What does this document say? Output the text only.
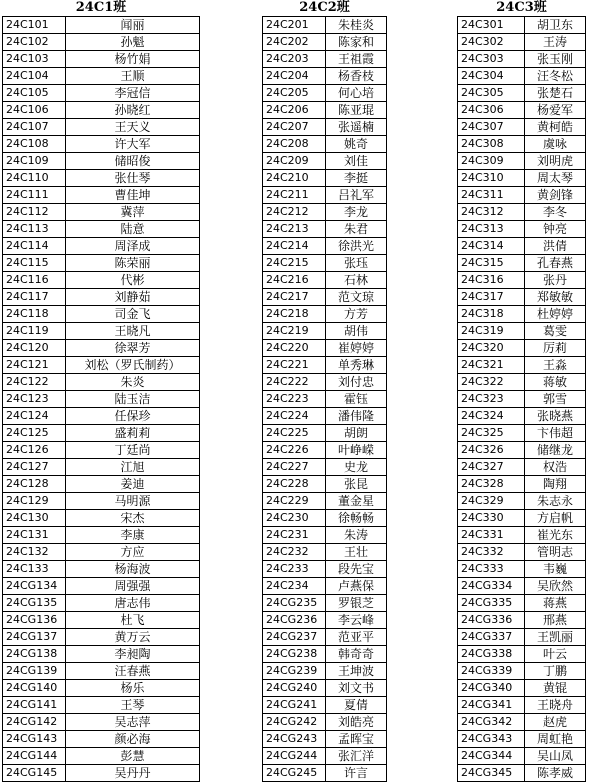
24C1班	
24C101	闻丽
24C102	孙魁
24C103	杨竹娟
24C104	王顺
24C105	李冠信
24C106	孙晓红
24C107	王天义
24C108	许大军
24C109	储昭俊
24C110	张仕琴
24C111	曹佳坤
24C112	冀萍
24C113	陆意
24C114	周泽成
24C115	陈荣丽
24C116	代彬
24C117	刘静茹
24C118	司金飞
24C119	王晓凡
24C120	徐翠芳
24C121	刘松（罗氏制药）
24C122	朱炎
24C123	陆玉洁
24C124	任保珍
24C125	盛莉莉
24C126	丁廷尚
24C127	江旭
24C128	姜迪
24C129	马明源
24C130	宋杰
24C131	李康
24C132	方应
24C133	杨海波
24CG134	周强强
24CG135	唐志伟
24CG136	杜飞
24CG137	黄万云
24CG138	李昶陶
24CG139	汪春燕
24CG140	杨乐
24CG141	王琴
24CG142	吴志萍
24CG143	颜必海
24CG144	彭慧
24CG145	吴丹丹
24C2班	
24C201	朱桂炎
24C202	陈家和
24C203	王祖霞
24C204	杨香枝
24C205	何心培
24C206	陈亚琨
24C207	张遥楠
24C208	姚奇
24C209	刘佳
24C210	李挺
24C211	吕礼军
24C212	李龙
24C213	朱君
24C214	徐洪光
24C215	张珏
24C216	石林
24C217	范文琼
24C218	方芳
24C219	胡伟
24C220	崔婷婷
24C221	单秀琳
24C222	刘付忠
24C223	霍钰
24C224	潘伟隆
24C225	胡朗
24C226	叶峥嵘
24C227	史龙
24C228	张昆
24C229	董金星
24C230	徐畅畅
24C231	朱涛
24C232	王壮
24C233	段先宝
24C234	卢燕保
24CG235	罗银芝
24CG236	李云峰
24CG237	范亚平
24CG238	韩奇奇
24CG239	王坤波
24CG240	刘文书
24CG241	夏倩
24CG242	刘皓亮
24CG243	孟晖宝
24CG244	张汇洋
24CG245	许言
24C3班	
24C301	胡卫东
24C302	王涛
24C303	张玉刚
24C304	汪冬松
24C305	张楚石
24C306	杨爱军
24C307	黄柯皓
24C308	虞咏
24C309	刘明虎
24C310	周太琴
24C311	黄剑锋
24C312	李冬
24C313	钟亮
24C314	洪倩
24C315	孔春燕
24C316	张丹
24C317	郑敏敏
24C318	杜婷婷
24C319	葛雯
24C320	厉莉
24C321	王淼
24C322	蒋敏
24C323	郭雪
24C324	张晓燕
24C325	卞伟超
24C326	储继龙
24C327	权浩
24C328	陶翔
24C329	朱志永
24C330	方启帆
24C331	崔光东
24C332	管明志
24C333	韦巍
24CG334	吴欣然
24CG335	蒋燕
24CG336	邢燕
24CG337	王凯丽
24CG338	叶云
24CG339	丁鹏
24CG340	黄锟
24CG341	王晓舟
24CG342	赵虎
24CG343	周虹艳
24CG344	吴山凤
24CG345	陈孝威
